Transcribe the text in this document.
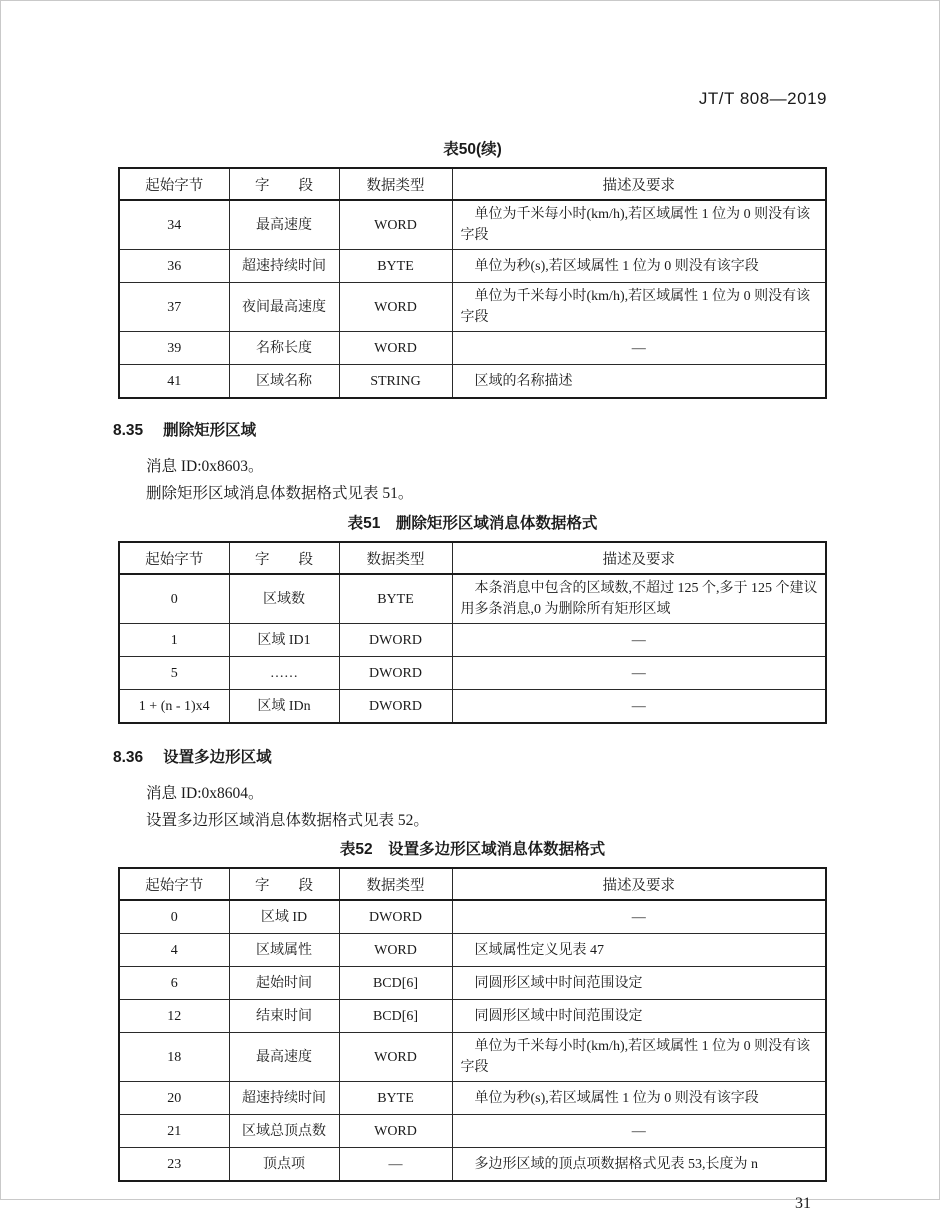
JT/T 808—2019
表50(续)
起始字节	字　　段	数据类型	描述及要求
34	最高速度	WORD	单位为千米每小时(km/h),若区域属性 1 位为 0 则没有该字段
36	超速持续时间	BYTE	单位为秒(s),若区域属性 1 位为 0 则没有该字段
37	夜间最高速度	WORD	单位为千米每小时(km/h),若区域属性 1 位为 0 则没有该字段
39	名称长度	WORD	—
41	区域名称	STRING	区域的名称描述
8.35 删除矩形区域

消息 ID:0x8603。

删除矩形区域消息体数据格式见表 51。

表51　删除矩形区域消息体数据格式
起始字节	字　　段	数据类型	描述及要求
0	区域数	BYTE	本条消息中包含的区域数,不超过 125 个,多于 125 个建议用多条消息,0 为删除所有矩形区域
1	区域 ID1	DWORD	—
5	……	DWORD	—
1 + (n - 1)x4	区域 IDn	DWORD	—
8.36 设置多边形区域

消息 ID:0x8604。

设置多边形区域消息体数据格式见表 52。

表52　设置多边形区域消息体数据格式
起始字节	字　　段	数据类型	描述及要求
0	区域 ID	DWORD	—
4	区域属性	WORD	区域属性定义见表 47
6	起始时间	BCD[6]	同圆形区域中时间范围设定
12	结束时间	BCD[6]	同圆形区域中时间范围设定
18	最高速度	WORD	单位为千米每小时(km/h),若区域属性 1 位为 0 则没有该字段
20	超速持续时间	BYTE	单位为秒(s),若区域属性 1 位为 0 则没有该字段
21	区域总顶点数	WORD	—
23	顶点项	—	多边形区域的顶点项数据格式见表 53,长度为 n
31
